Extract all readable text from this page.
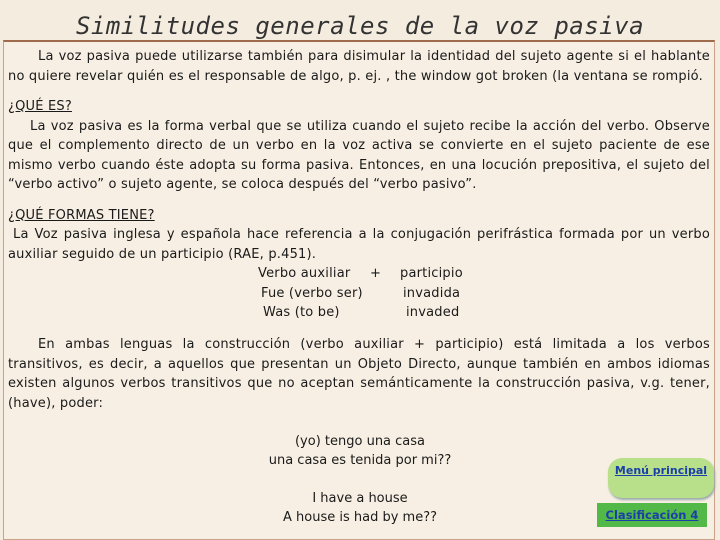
Similitudes generales de la voz pasiva

La voz pasiva puede utilizarse también para disimular la identidad del sujeto agente si el hablante no quiere revelar quién es el responsable de algo, p. ej. , the window got broken (la ventana se rompió.

¿QUÉ ES?

La voz pasiva es la forma verbal que se utiliza cuando el sujeto recibe la acción del verbo. Observe que el complemento directo de un verbo en la voz activa se convierte en el sujeto paciente de ese mismo verbo cuando éste adopta su forma pasiva. Entonces, en una locución prepositiva, el sujeto del “verbo activo” o sujeto agente, se coloca después del “verbo pasivo”.

¿QUÉ FORMAS TIENE?

La Voz pasiva inglesa y española hace referencia a la conjugación perifrástica formada por un verbo auxiliar seguido de un participio (RAE, p.451).

Verbo auxiliar + participio
Fue (verbo ser)	invadida
Was (to be)	invaded

En ambas lenguas la construcción (verbo auxiliar + participio) está limitada a los verbos transitivos, es decir, a aquellos que presentan un Objeto Directo, aunque también en ambos idiomas existen algunos verbos transitivos que no aceptan semánticamente la construcción pasiva, v.g. tener, (have), poder:

(yo) tengo una casa
una casa es tenida por mi??
I have a house
A house is had by me??
Menú principal
Clasificación 4
